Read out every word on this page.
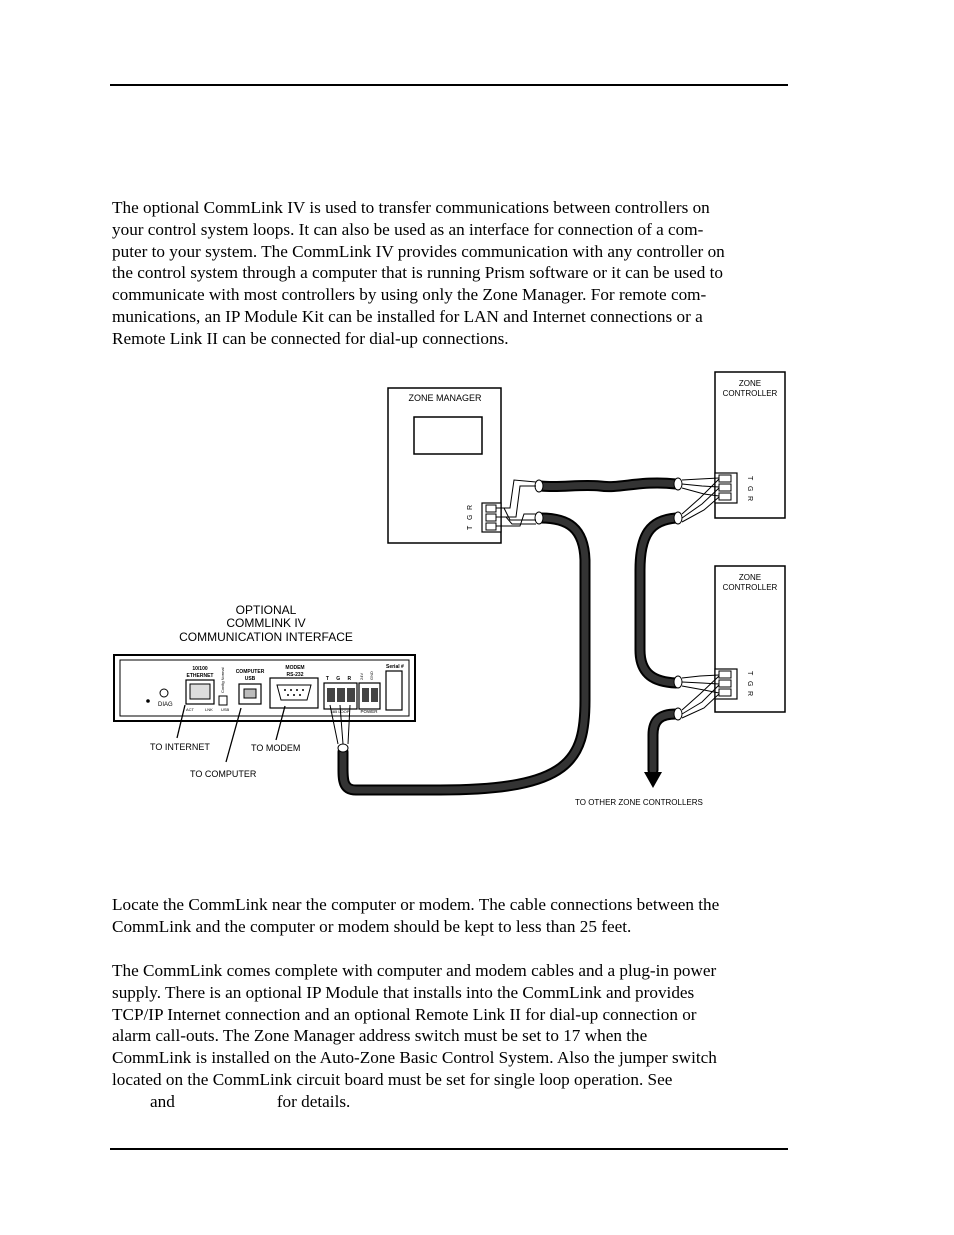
The optional CommLink IV is used to transfer communications between controllers on
your control system loops. It can also be used as an interface for connection of a com-
puter to your system. The CommLink IV provides communication with any controller on
the control system through a computer that is running Prism software or it can be used to
communicate with most controllers by using only the Zone Manager. For remote com-
munications, an IP Module Kit can be installed for LAN and Internet connections or a
Remote Link II can be connected for dial-up connections.
ZONE MANAGER
T
G
R
ZONE
CONTROLLER
T
G
R
ZONE
CONTROLLER
T
G
R
OPTIONAL
COMMLINK IV
COMMUNICATION INTERFACE
DIAG
10/100
ETHERNET
ACT	LNK
Config Normal
USB
COMPUTER
USB
MODEM
RS-232
T G R
485 LOOP
24V GND
POWER
Serial #
TO INTERNET
TO COMPUTER
TO MODEM
TO OTHER ZONE CONTROLLERS
Locate the CommLink near the computer or modem. The cable connections between the
CommLink and the computer or modem should be kept to less than 25 feet.
The CommLink comes complete with computer and modem cables and a plug-in power
supply. There is an optional IP Module that installs into the CommLink and provides
TCP/IP Internet connection and an optional Remote Link II for dial-up connection or
alarm call-outs. The Zone Manager address switch must be set to 17 when the
CommLink is installed on the Auto-Zone Basic Control System. Also the jumper switch
located on the CommLink circuit board must be set for single loop operation. See
and	for details.
